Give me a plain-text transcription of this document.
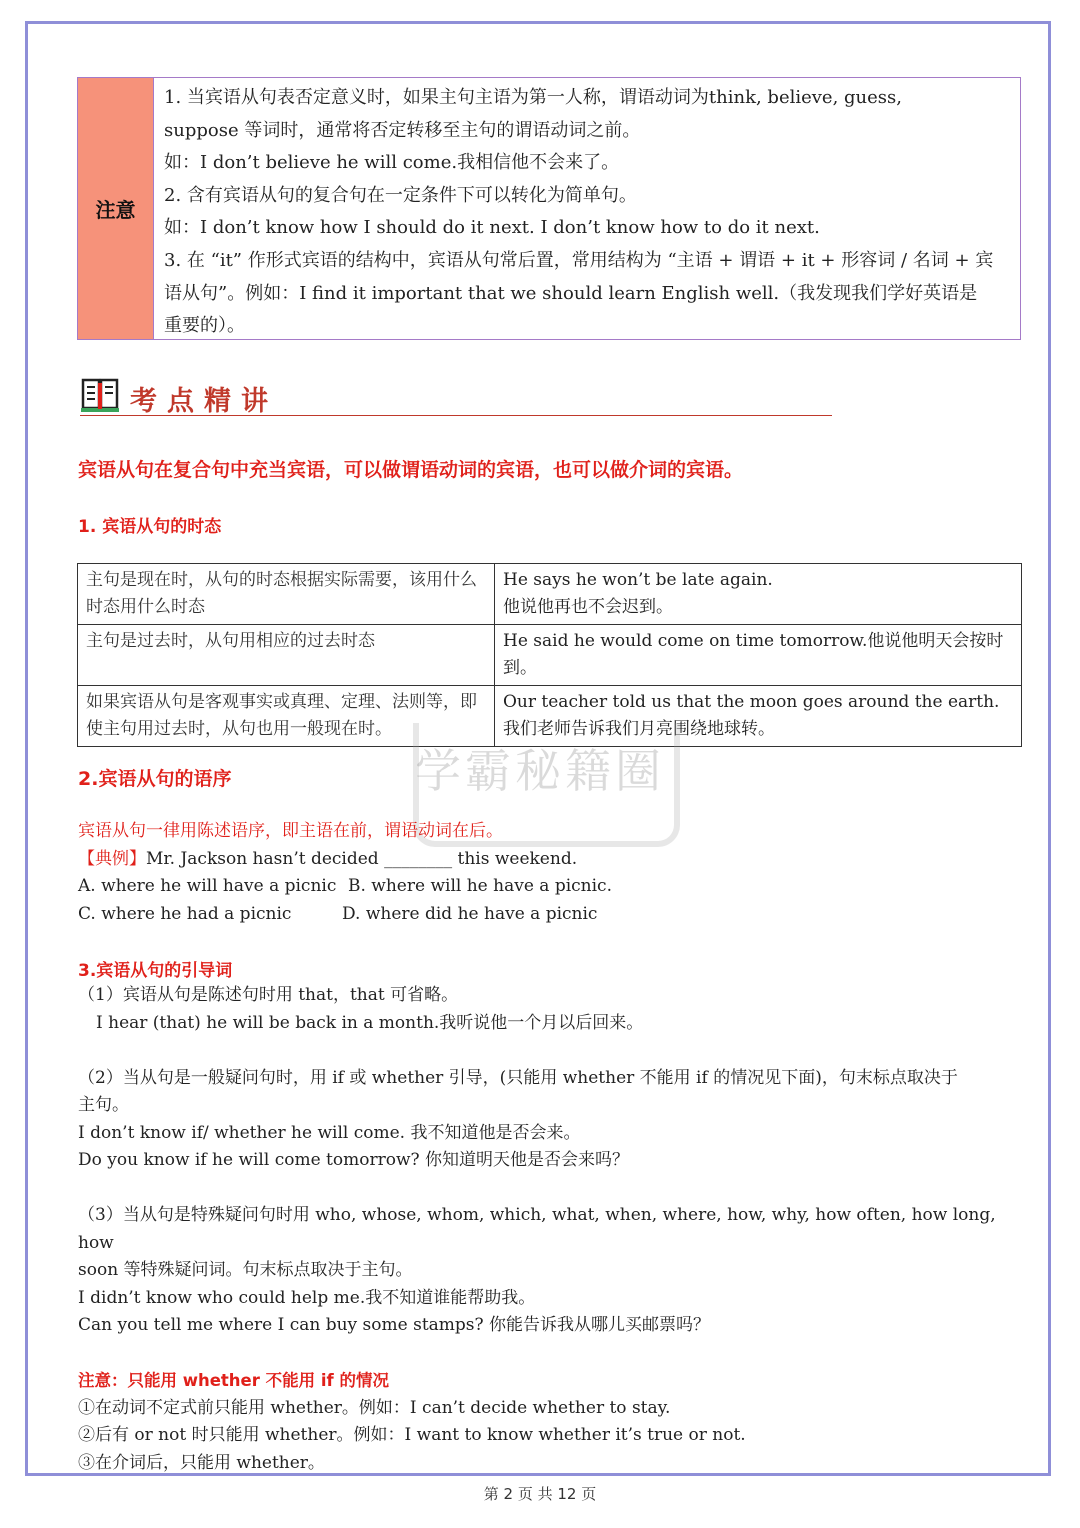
注意

1. 当宾语从句表否定意义时，如果主句主语为第一人称，谓语动词为think, believe, guess,

suppose 等词时，通常将否定转移至主句的谓语动词之前。

如：I don’t believe he will come.我相信他不会来了。

2. 含有宾语从句的复合句在一定条件下可以转化为简单句。

如：I don’t know how I should do it next. I don’t know how to do it next.

3. 在 “it” 作形式宾语的结构中，宾语从句常后置，常用结构为 “主语 + 谓语 + it + 形容词 / 名词 + 宾

语从句”。例如：I find it important that we should learn English well.（我发现我们学好英语是

重要的）。

考点精讲
宾语从句在复合句中充当宾语，可以做谓语动词的宾语，也可以做介词的宾语。
1. 宾语从句的时态
主句是现在时，从句的时态根据实际需要，该用什么时态用什么时态	He says he won’t be late again.
他说他再也不会迟到。
主句是过去时，从句用相应的过去时态	He said he would come on time tomorrow.他说他明天会按时到。
如果宾语从句是客观事实或真理、定理、法则等，即使主句用过去时，从句也用一般现在时。	Our teacher told us that the moon goes around the earth.
我们老师告诉我们月亮围绕地球转。
学霸秘籍圈
2.宾语从句的语序

宾语从句一律用陈述语序，即主语在前，谓语动词在后。

【典例】Mr. Jackson hasn’t decided ________ this weekend.

A. where he will have a picnic B. where will he have a picnic.

C. where he had a picnic	D. where did he have a picnic

3.宾语从句的引导词

（1）宾语从句是陈述句时用 that，that 可省略。

I hear (that) he will be back in a month.我听说他一个月以后回来。

（2）当从句是一般疑问句时，用 if 或 whether 引导，(只能用 whether 不能用 if 的情况见下面)，句末标点取决于

主句。

I don’t know if/ whether he will come. 我不知道他是否会来。

Do you know if he will come tomorrow? 你知道明天他是否会来吗？

（3）当从句是特殊疑问句时用 who, whose, whom, which, what, when, where, how, why, how often, how long, how

soon 等特殊疑问词。句末标点取决于主句。

I didn’t know who could help me.我不知道谁能帮助我。

Can you tell me where I can buy some stamps? 你能告诉我从哪儿买邮票吗？

注意：只能用 whether 不能用 if 的情况

①在动词不定式前只能用 whether。例如：I can’t decide whether to stay.

②后有 or not 时只能用 whether。例如：I want to know whether it’s true or not.

③在介词后，只能用 whether。

第 2 页 共 12 页
